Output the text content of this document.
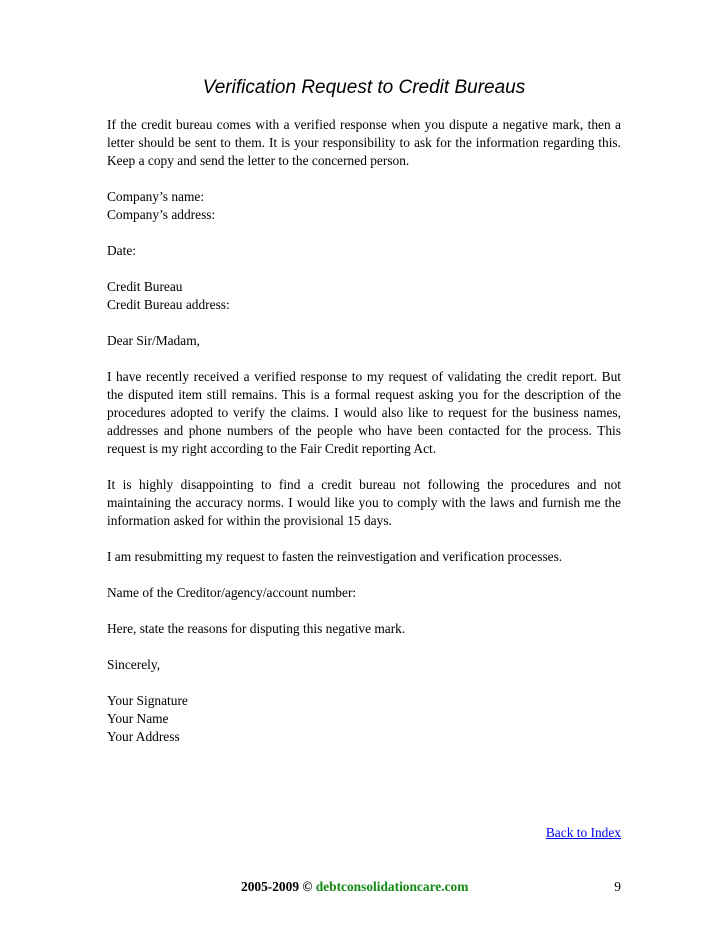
Verification Request to Credit Bureaus

If the credit bureau comes with a verified response when you dispute a negative mark, then a letter should be sent to them. It is your responsibility to ask for the information regarding this. Keep a copy and send the letter to the concerned person.

Company’s name:
Company’s address:

Date:

Credit Bureau
Credit Bureau address:

Dear Sir/Madam,

I have recently received a verified response to my request of validating the credit report. But the disputed item still remains. This is a formal request asking you for the description of the procedures adopted to verify the claims. I would also like to request for the business names, addresses and phone numbers of the people who have been contacted for the process. This request is my right according to the Fair Credit reporting Act.

It is highly disappointing to find a credit bureau not following the procedures and not maintaining the accuracy norms. I would like you to comply with the laws and furnish me the information asked for within the provisional 15 days.

I am resubmitting my request to fasten the reinvestigation and verification processes.

Name of the Creditor/agency/account number:

Here, state the reasons for disputing this negative mark.

Sincerely,

Your Signature
Your Name
Your Address

Back to Index
2005-2009 © debtconsolidationcare.com	9
